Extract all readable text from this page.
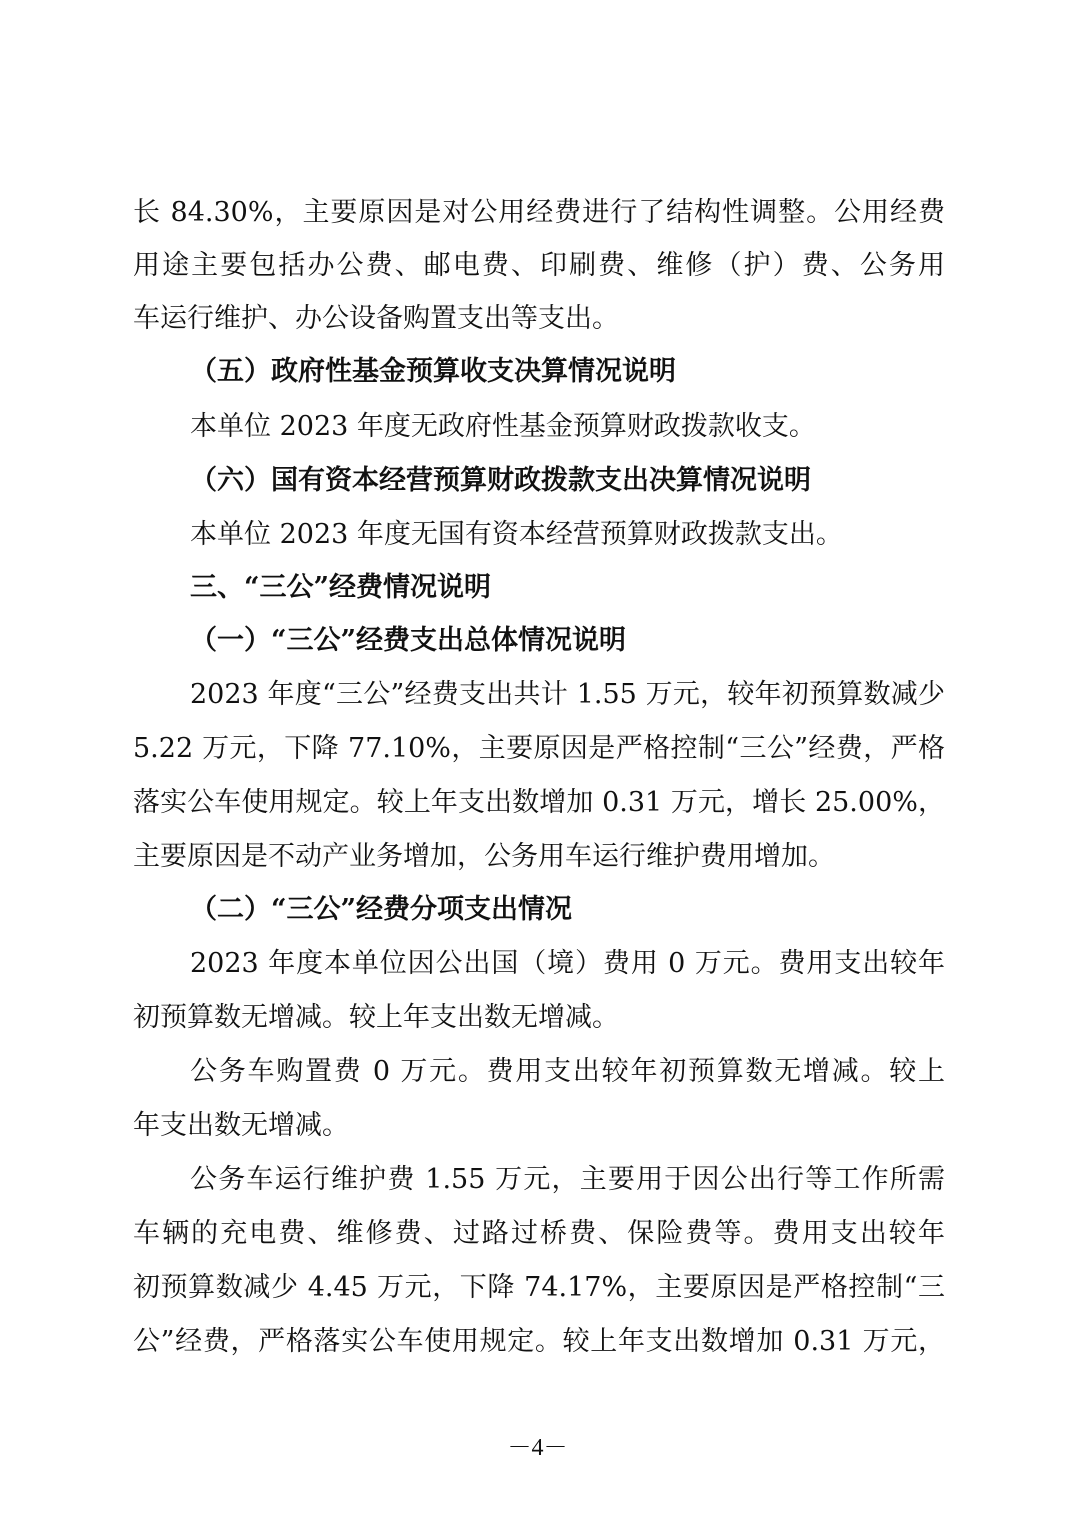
长 84.30%，主要原因是对公用经费进行了结构性调整。公用经费
用途主要包括办公费、邮电费、印刷费、维修（护）费、公务用
车运行维护、办公设备购置支出等支出。
（五）政府性基金预算收支决算情况说明
本单位 2023 年度无政府性基金预算财政拨款收支。
（六）国有资本经营预算财政拨款支出决算情况说明
本单位 2023 年度无国有资本经营预算财政拨款支出。
三、“三公”经费情况说明
（一）“三公”经费支出总体情况说明
2023 年度“三公”经费支出共计 1.55 万元，较年初预算数减少
5.22 万元，下降 77.10%，主要原因是严格控制“三公”经费，严格
落实公车使用规定。较上年支出数增加 0.31 万元，增长 25.00%，
主要原因是不动产业务增加，公务用车运行维护费用增加。
（二）“三公”经费分项支出情况
2023 年度本单位因公出国（境）费用 0 万元。费用支出较年
初预算数无增减。较上年支出数无增减。
公务车购置费 0 万元。费用支出较年初预算数无增减。较上
年支出数无增减。
公务车运行维护费 1.55 万元，主要用于因公出行等工作所需
车辆的充电费、维修费、过路过桥费、保险费等。费用支出较年
初预算数减少 4.45 万元，下降 74.17%，主要原因是严格控制“三
公”经费，严格落实公车使用规定。较上年支出数增加 0.31 万元，
－4－
